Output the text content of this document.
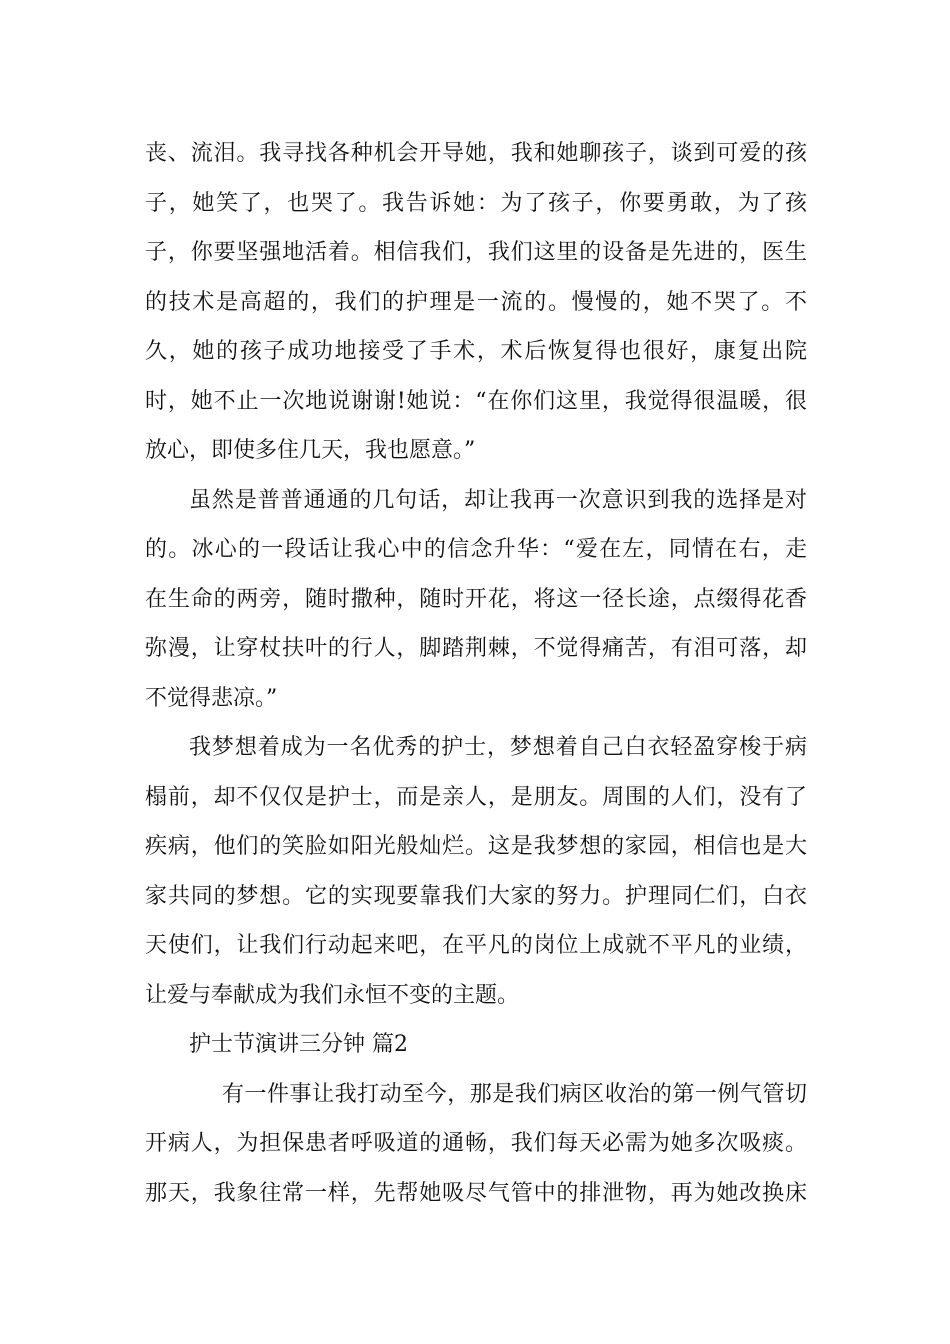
丧、流泪。我寻找各种机会开导她，我和她聊孩子，谈到可爱的孩
子，她笑了，也哭了。我告诉她：为了孩子，你要勇敢，为了孩
子，你要坚强地活着。相信我们，我们这里的设备是先进的，医生
的技术是高超的，我们的护理是一流的。慢慢的，她不哭了。不
久，她的孩子成功地接受了手术，术后恢复得也很好，康复出院
时，她不止一次地说谢谢!她说：“在你们这里，我觉得很温暖，很
放心，即使多住几天，我也愿意。”
虽然是普普通通的几句话，却让我再一次意识到我的选择是对
的。冰心的一段话让我心中的信念升华：“爱在左，同情在右，走
在生命的两旁，随时撒种，随时开花，将这一径长途，点缀得花香
弥漫，让穿杖扶叶的行人，脚踏荆棘，不觉得痛苦，有泪可落，却
不觉得悲凉。”
我梦想着成为一名优秀的护士，梦想着自己白衣轻盈穿梭于病
榻前，却不仅仅是护士，而是亲人，是朋友。周围的人们，没有了
疾病，他们的笑脸如阳光般灿烂。这是我梦想的家园，相信也是大
家共同的梦想。它的实现要靠我们大家的努力。护理同仁们，白衣
天使们，让我们行动起来吧，在平凡的岗位上成就不平凡的业绩，
让爱与奉献成为我们永恒不变的主题。
护士节演讲三分钟 篇2
有一件事让我打动至今，那是我们病区收治的第一例气管切
开病人，为担保患者呼吸道的通畅，我们每天必需为她多次吸痰。
那天，我象往常一样，先帮她吸尽气管中的排泄物，再为她改换床
